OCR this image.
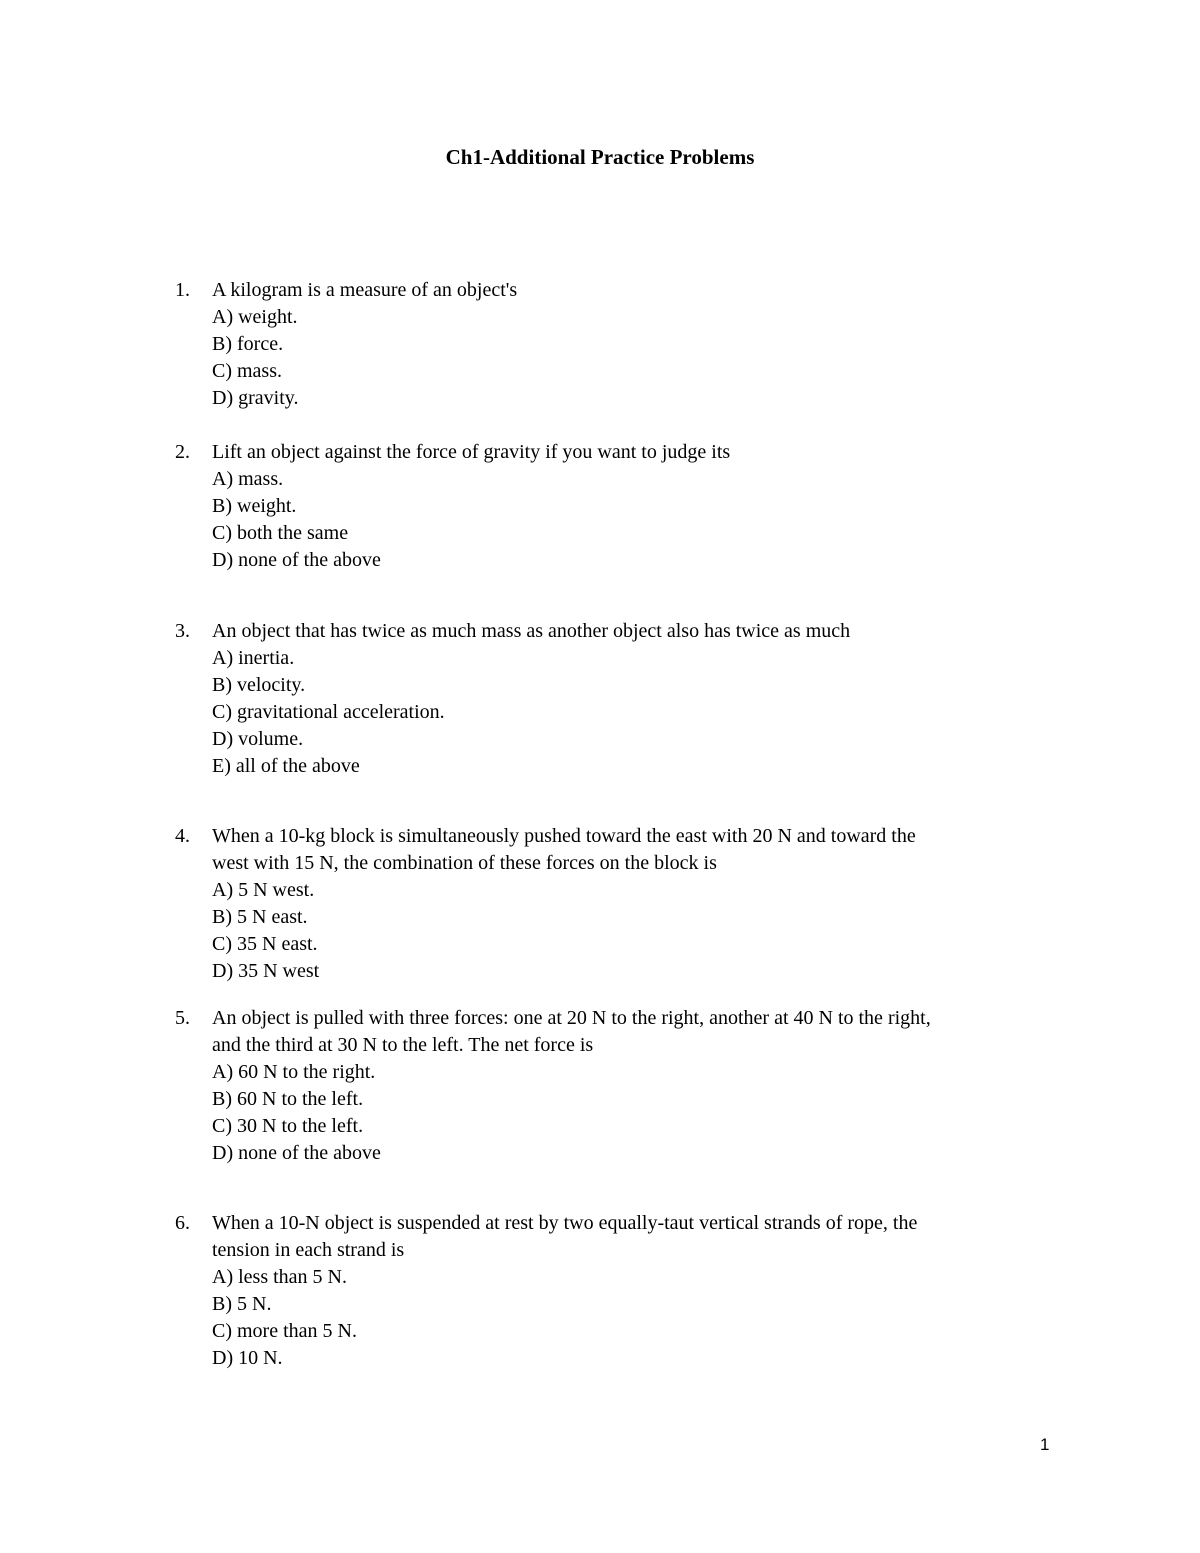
Ch1-Additional Practice Problems
1. A kilogram is a measure of an object's
A) weight.
B) force.
C) mass.
D) gravity.
2. Lift an object against the force of gravity if you want to judge its
A) mass.
B) weight.
C) both the same
D) none of the above
3. An object that has twice as much mass as another object also has twice as much
A) inertia.
B) velocity.
C) gravitational acceleration.
D) volume.
E) all of the above
4. When a 10-kg block is simultaneously pushed toward the east with 20 N and toward the
west with 15 N, the combination of these forces on the block is
A) 5 N west.
B) 5 N east.
C) 35 N east.
D) 35 N west
5. An object is pulled with three forces: one at 20 N to the right, another at 40 N to the right,
and the third at 30 N to the left. The net force is
A) 60 N to the right.
B) 60 N to the left.
C) 30 N to the left.
D) none of the above
6. When a 10-N object is suspended at rest by two equally-taut vertical strands of rope, the
tension in each strand is
A) less than 5 N.
B) 5 N.
C) more than 5 N.
D) 10 N.
1
